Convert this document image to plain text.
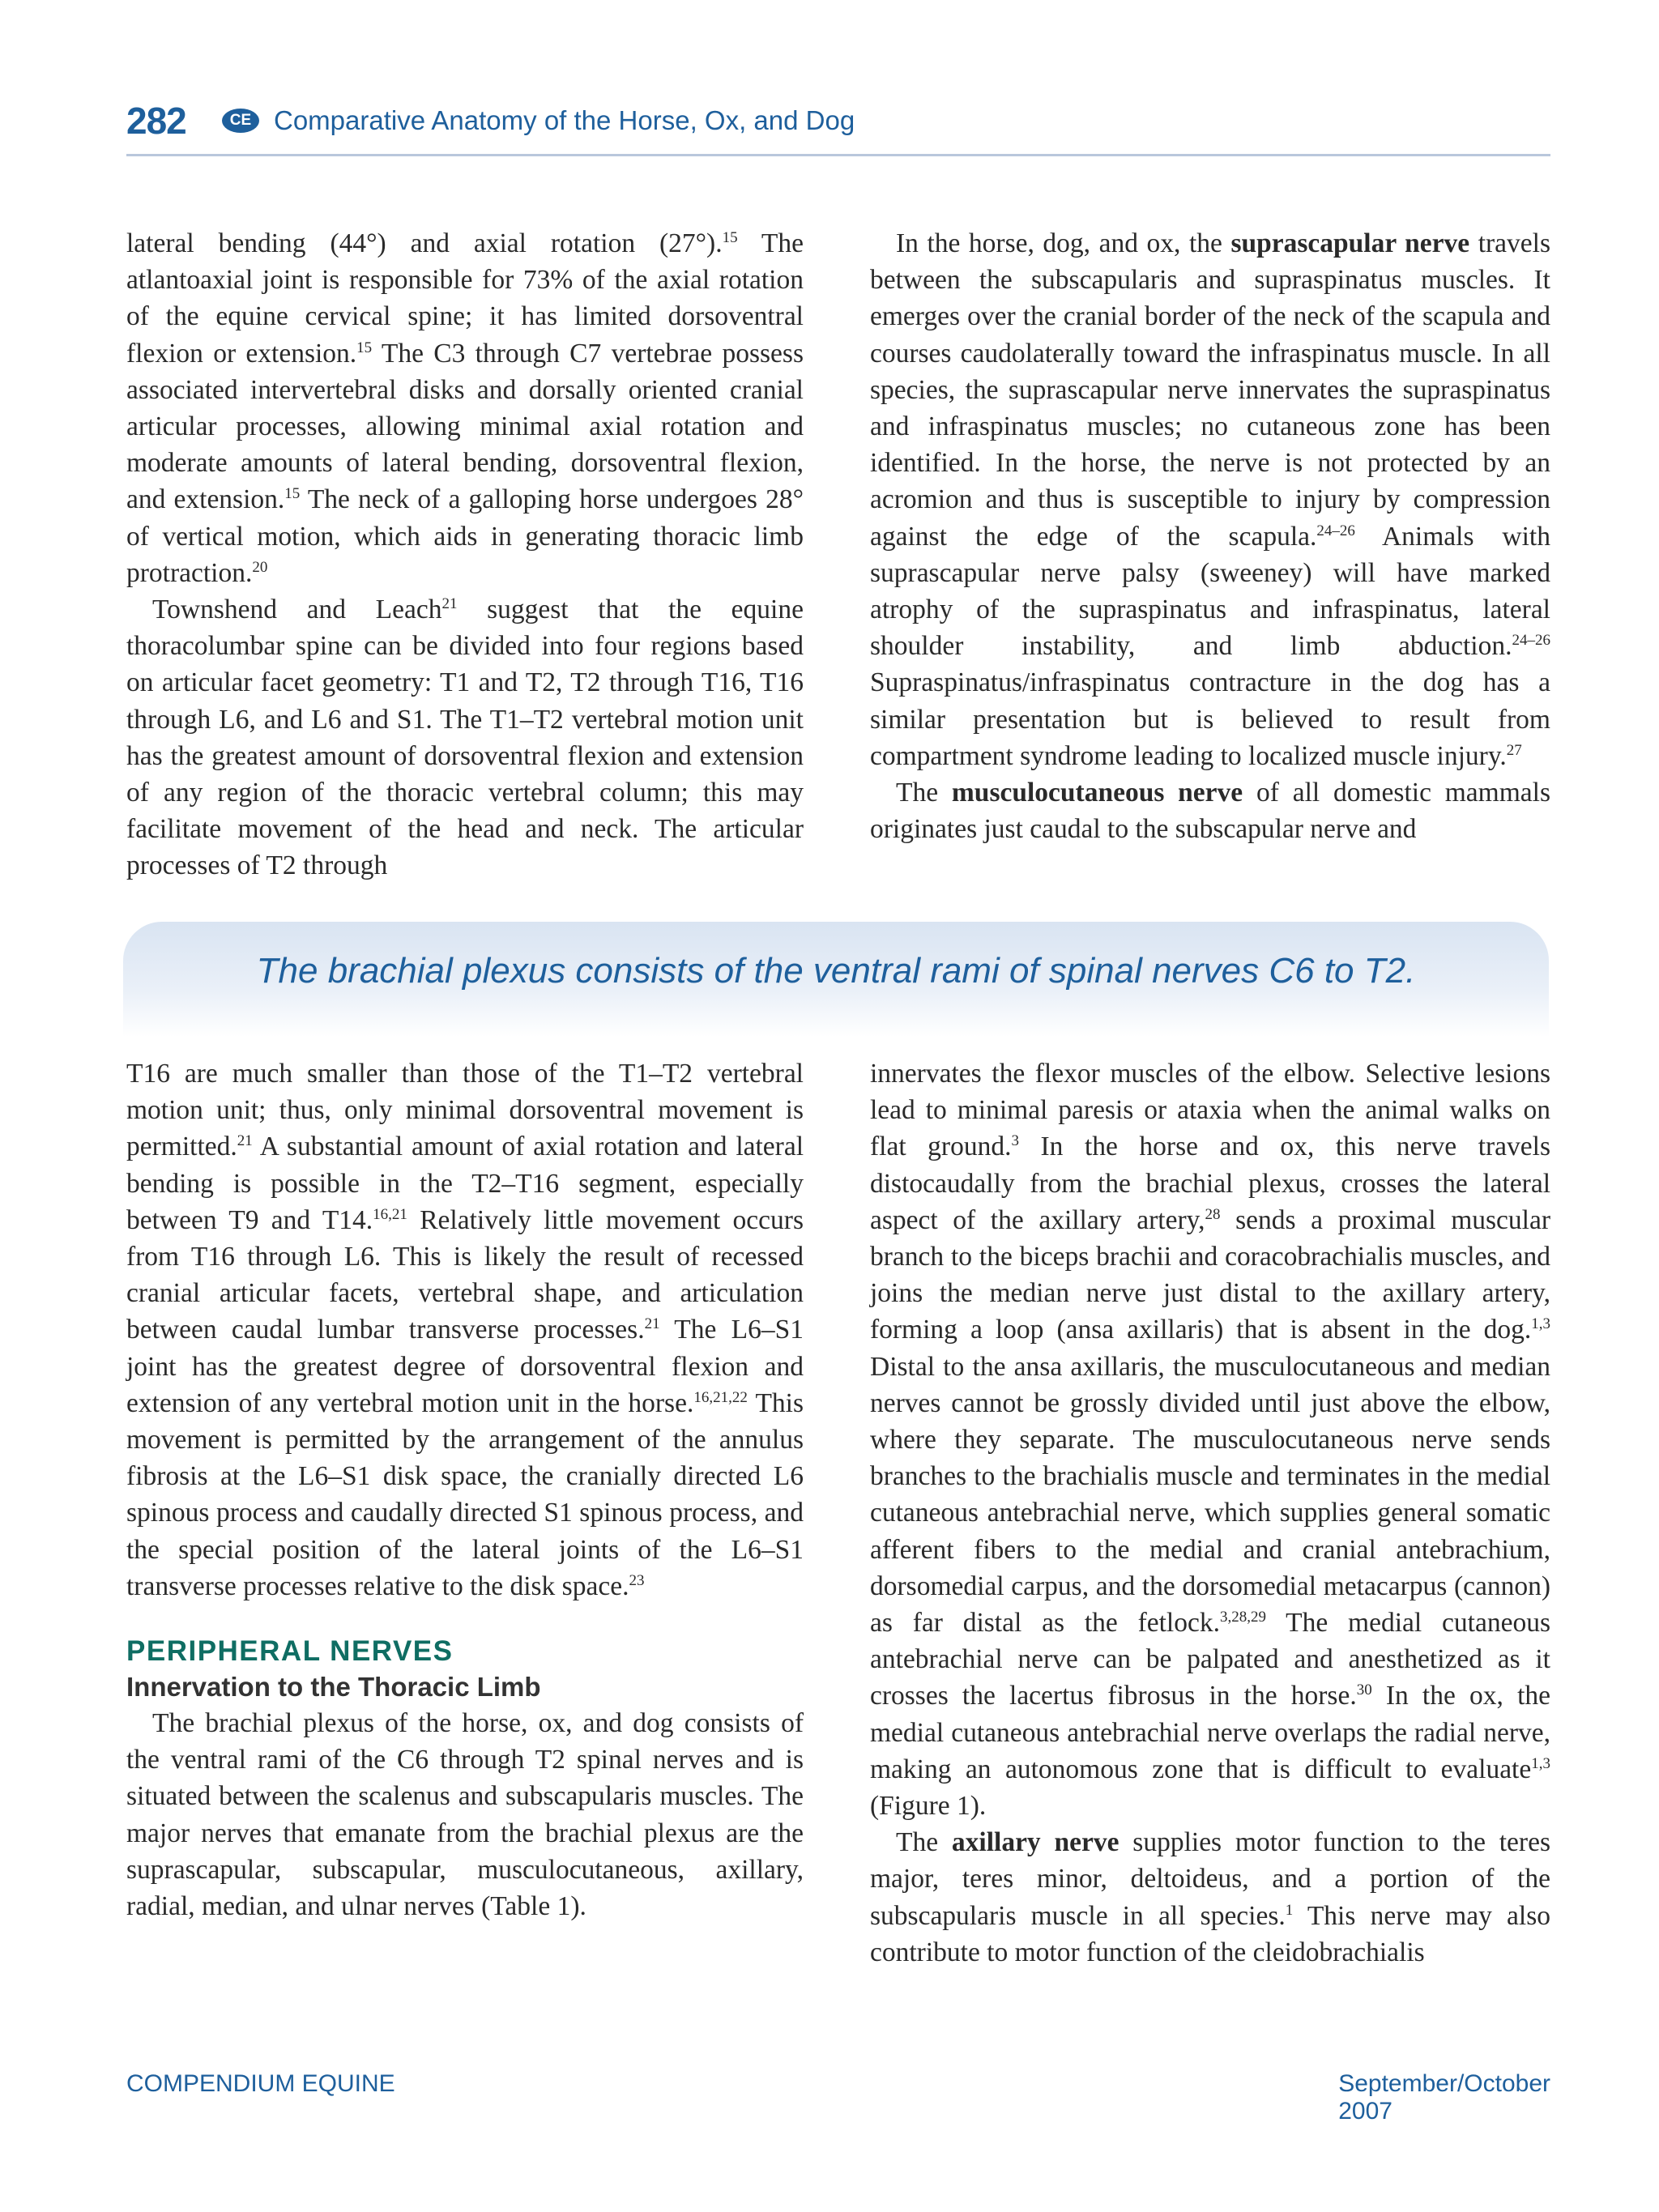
282	CE Comparative Anatomy of the Horse, Ox, and Dog

lateral bending (44°) and axial rotation (27°).$^{15}$ The atlantoaxial joint is responsible for 73% of the axial rotation of the equine cervical spine; it has limited dorsoventral flexion or extension.$^{15}$ The C3 through C7 vertebrae possess associated intervertebral disks and dorsally oriented cranial articular processes, allowing minimal axial rotation and moderate amounts of lateral bending, dorsoventral flexion, and extension.$^{15}$ The neck of a galloping horse undergoes 28° of vertical motion, which aids in generating thoracic limb protraction.$^{20}$

Townshend and Leach$^{21}$ suggest that the equine thoracolumbar spine can be divided into four regions based on articular facet geometry: T1 and T2, T2 through T16, T16 through L6, and L6 and S1. The T1–T2 vertebral motion unit has the greatest amount of dorsoventral flexion and extension of any region of the thoracic vertebral column; this may facilitate movement of the head and neck. The articular processes of T2 through

In the horse, dog, and ox, the suprascapular nerve travels between the subscapularis and supraspinatus muscles. It emerges over the cranial border of the neck of the scapula and courses caudolaterally toward the infraspinatus muscle. In all species, the suprascapular nerve innervates the supraspinatus and infraspinatus muscles; no cutaneous zone has been identified. In the horse, the nerve is not protected by an acromion and thus is susceptible to injury by compression against the edge of the scapula.$^{24-26}$ Animals with suprascapular nerve palsy (sweeney) will have marked atrophy of the supraspinatus and infraspinatus, lateral shoulder instability, and limb abduction.$^{24-26}$ Supraspinatus/infraspinatus contracture in the dog has a similar presentation but is believed to result from compartment syndrome leading to localized muscle injury.$^{27}$

The musculocutaneous nerve of all domestic mammals originates just caudal to the subscapular nerve and

The brachial plexus consists of the ventral rami of spinal nerves C6 to T2.

T16 are much smaller than those of the T1–T2 vertebral motion unit; thus, only minimal dorsoventral movement is permitted.$^{21}$ A substantial amount of axial rotation and lateral bending is possible in the T2–T16 segment, especially between T9 and T14.$^{16,21}$ Relatively little movement occurs from T16 through L6. This is likely the result of recessed cranial articular facets, vertebral shape, and articulation between caudal lumbar transverse processes.$^{21}$ The L6–S1 joint has the greatest degree of dorsoventral flexion and extension of any vertebral motion unit in the horse.$^{16,21,22}$ This movement is permitted by the arrangement of the annulus fibrosis at the L6–S1 disk space, the cranially directed L6 spinous process and caudally directed S1 spinous process, and the special position of the lateral joints of the L6–S1 transverse processes relative to the disk space.$^{23}$

PERIPHERAL NERVES

Innervation to the Thoracic Limb

The brachial plexus of the horse, ox, and dog consists of the ventral rami of the C6 through T2 spinal nerves and is situated between the scalenus and subscapularis muscles. The major nerves that emanate from the brachial plexus are the suprascapular, subscapular, musculocutaneous, axillary, radial, median, and ulnar nerves (Table 1).

innervates the flexor muscles of the elbow. Selective lesions lead to minimal paresis or ataxia when the animal walks on flat ground.$^3$ In the horse and ox, this nerve travels distocaudally from the brachial plexus, crosses the lateral aspect of the axillary artery,$^{28}$ sends a proximal muscular branch to the biceps brachii and coracobrachialis muscles, and joins the median nerve just distal to the axillary artery, forming a loop (ansa axillaris) that is absent in the dog.$^{1,3}$ Distal to the ansa axillaris, the musculocutaneous and median nerves cannot be grossly divided until just above the elbow, where they separate. The musculocutaneous nerve sends branches to the brachialis muscle and terminates in the medial cutaneous antebrachial nerve, which supplies general somatic afferent fibers to the medial and cranial antebrachium, dorsomedial carpus, and the dorsomedial metacarpus (cannon) as far distal as the fetlock.$^{3,28,29}$ The medial cutaneous antebrachial nerve can be palpated and anesthetized as it crosses the lacertus fibrosus in the horse.$^{30}$ In the ox, the medial cutaneous antebrachial nerve overlaps the radial nerve, making an autonomous zone that is difficult to evaluate$^{1,3}$ (Figure 1).

The axillary nerve supplies motor function to the teres major, teres minor, deltoideus, and a portion of the subscapularis muscle in all species.$^1$ This nerve may also contribute to motor function of the cleidobrachialis

COMPENDIUM EQUINE	September/October 2007
